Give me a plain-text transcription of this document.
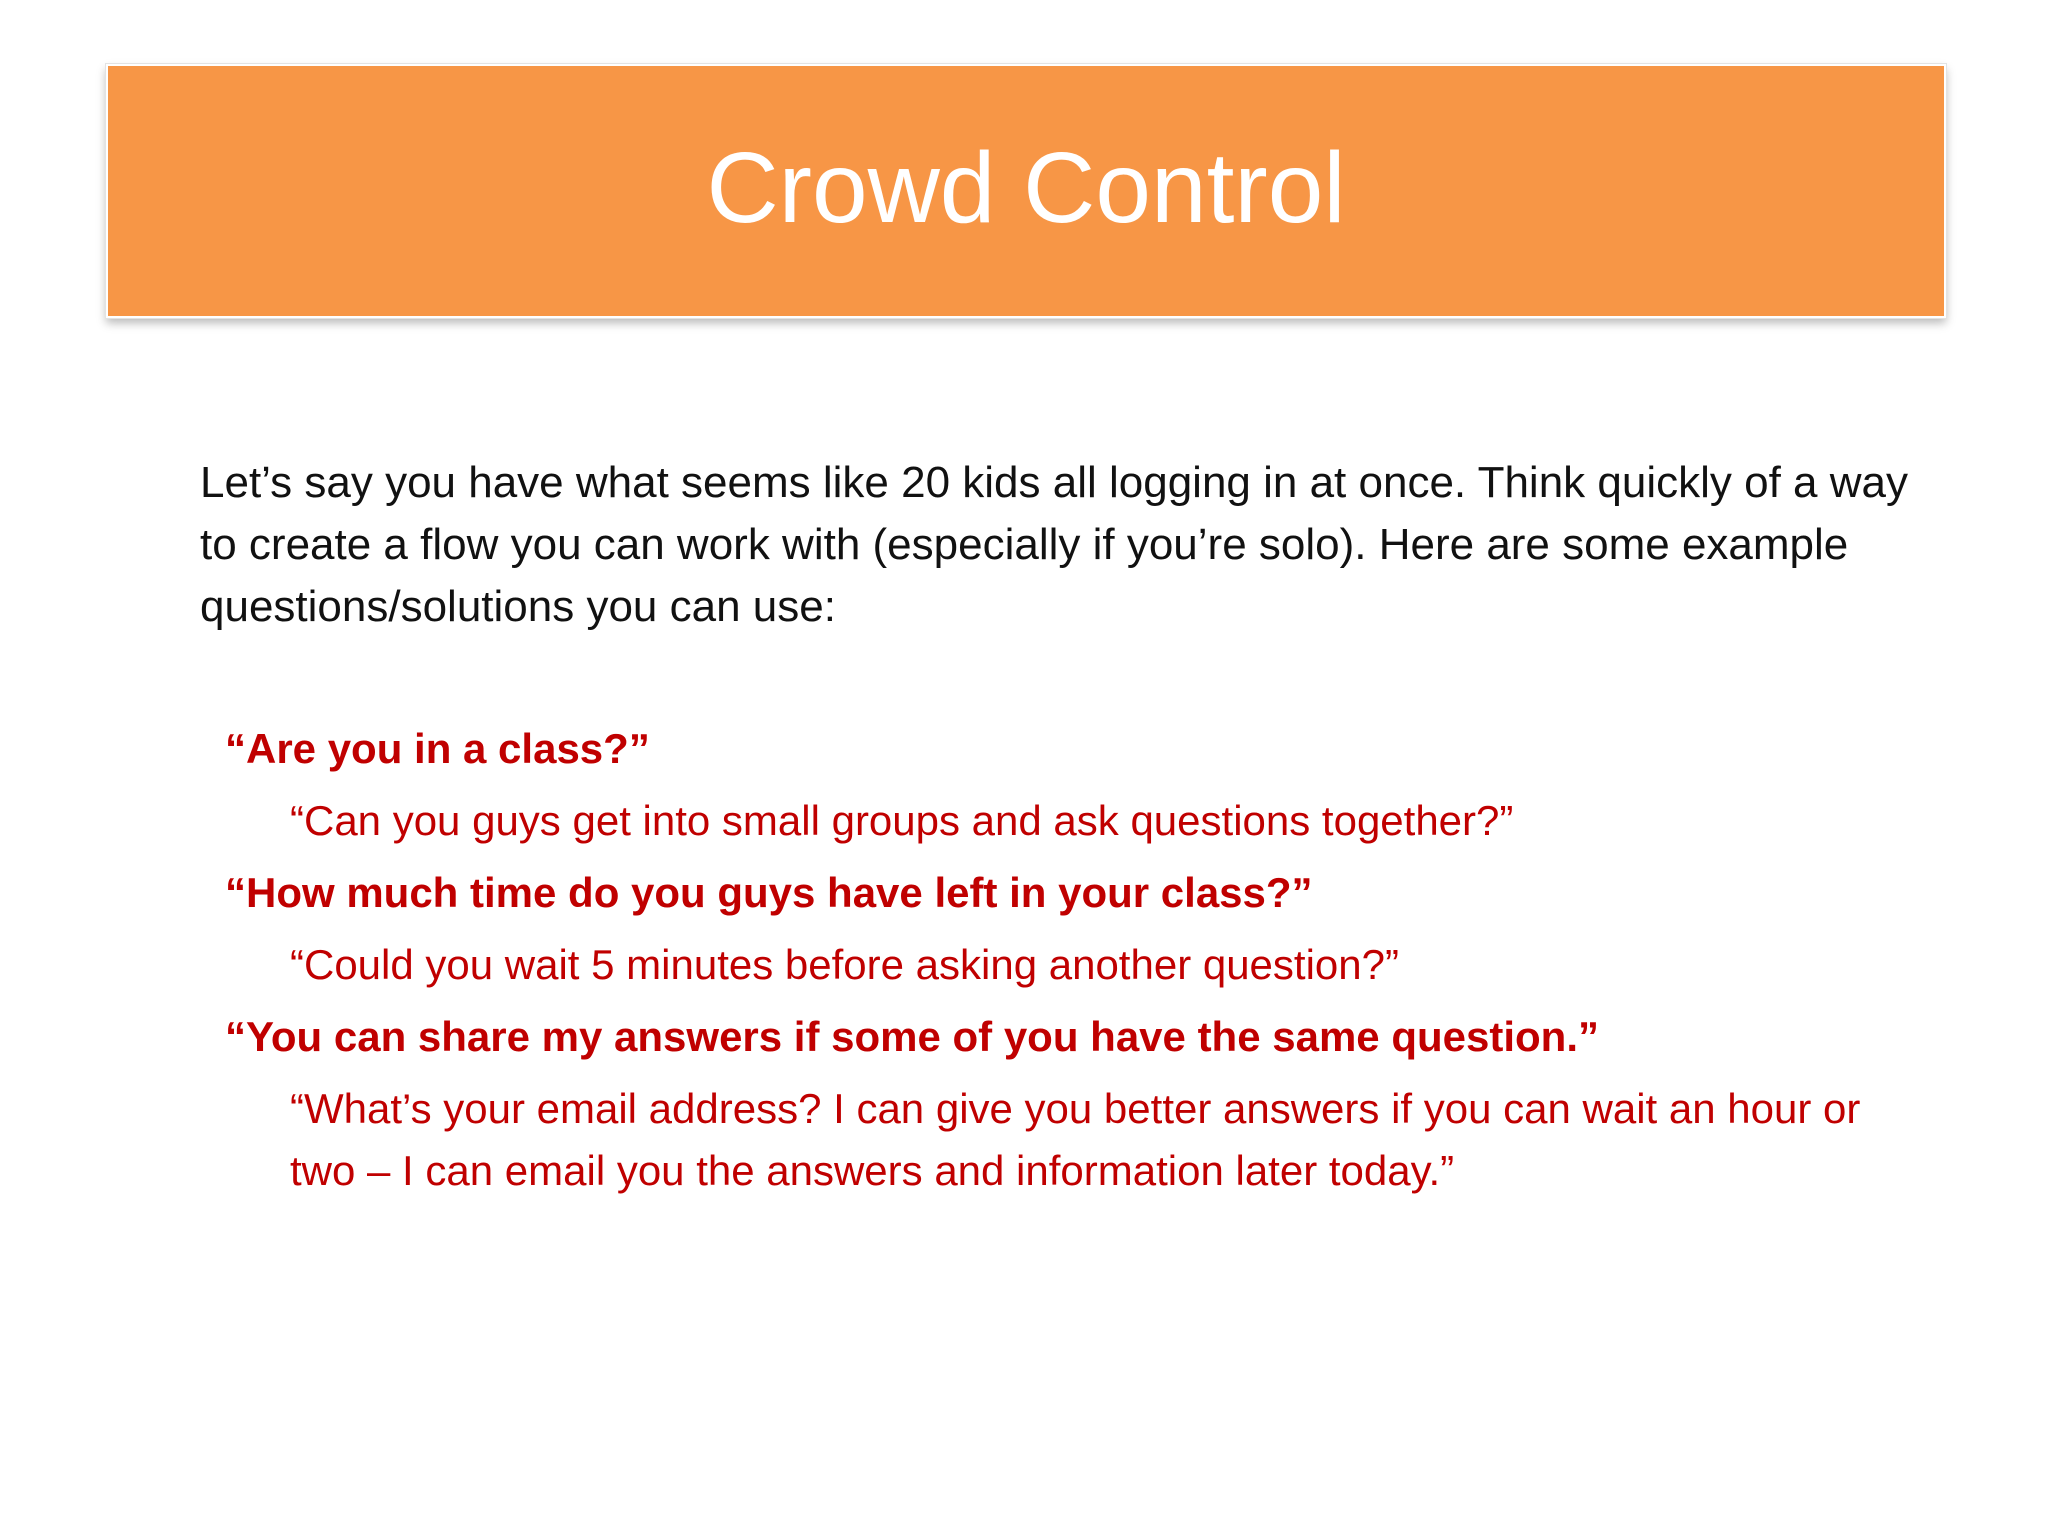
Crowd Control

Let’s say you have what seems like 20 kids all logging in at once. Think quickly of a way to create a flow you can work with (especially if you’re solo). Here are some example questions/solutions you can use:

“Are you in a class?”

“Can you guys get into small groups and ask questions together?”

“How much time do you guys have left in your class?”

“Could you wait 5 minutes before asking another question?”

“You can share my answers if some of you have the same question.”

“What’s your email address? I can give you better answers if you can wait an hour or two – I can email you the answers and information later today.”
